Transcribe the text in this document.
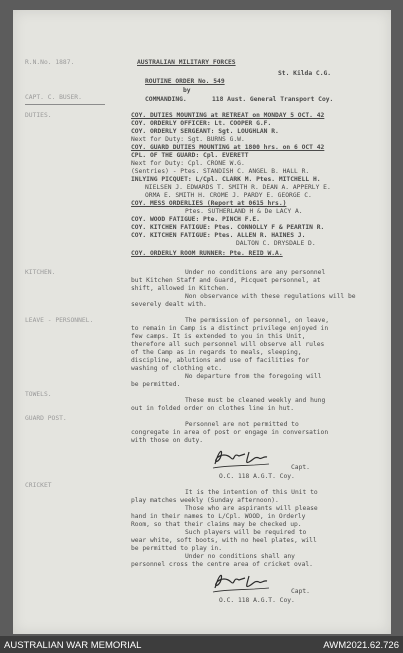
R.N.No. 1887.	AUSTRALIAN MILITARY FORCES
St. Kilda C.G.
ROUTINE ORDER No. 549
by
CAPT. C. BUSER.	COMMANDING.	118 Aust. General Transport Coy.
DUTIES.	COY. DUTIES MOUNTING at RETREAT on MONDAY 5 OCT. 42
COY. ORDERLY OFFICER: Lt. COOPER G.F.
COY. ORDERLY SERGEANT: Sgt. LOUGHLAN R.
Next for Duty: Sgt. BURNS G.W.
COY. GUARD DUTIES MOUNTING at 1800 hrs. on 6 OCT 42
CPL. OF THE GUARD: Cpl. EVERETT
Next for Duty: Cpl. CRONE W.G.
(Sentries) - Ptes. STANDISH C. ANGEL B. HALL R.
INLYING PICQUET: L/Cpl. CLARK M. Ptes. MITCHELL H.
NIELSEN J. EDWARDS T. SMITH R. DEAN A. APPERLY E.
ORMA E. SMITH H. CROME J. PARDY E. GEORGE C.
COY. MESS ORDERLIES (Report at 0615 hrs.)
Ptes. SUTHERLAND H & De LACY A.
COY. WOOD FATIGUE: Pte. PINCH F.E.
COY. KITCHEN FATIGUE: Ptes. CONNOLLY F & PEARTIN R.
COY. KITCHEN FATIGUE: Ptes. ALLEN R. HAINES J.
DALTON C. DRYSDALE D.
COY. ORDERLY ROOM RUNNER: Pte. REID W.A.
KITCHEN.	Under no conditions are any personnel
but Kitchen Staff and Guard, Picquet personnel, at
shift, allowed in Kitchen.
Non observance with these regulations will be
severely dealt with.
LEAVE - PERSONNEL.	The permission of personnel, on leave,
to remain in Camp is a distinct privilege enjoyed in
few camps. It is extended to you in this Unit,
therefore all such personnel will observe all rules
of the Camp as in regards to meals, sleeping,
discipline, ablutions and use of facilities for
washing of clothing etc.
No departure from the foregoing will
be permitted.
TOWELS.
These must be cleaned weekly and hung
out in folded order on clothes line in hut.
GUARD POST.
Personnel are not permitted to
congregate in area of post or engage in conversation
with those on duty.
Capt.
O.C. 118 A.G.T. Coy.
CRICKET
It is the intention of this Unit to
play matches weekly (Sunday afternoon).
Those who are aspirants will please
hand in their names to L/Cpl. WOOD, in Orderly
Room, so that their claims may be checked up.
Such players will be required to
wear white, soft boots, with no heel plates, will
be permitted to play in.
Under no conditions shall any
personnel cross the centre area of cricket oval.
Capt.
O.C. 118 A.G.T. Coy.
AUSTRALIAN WAR MEMORIAL	AWM2021.62.726
